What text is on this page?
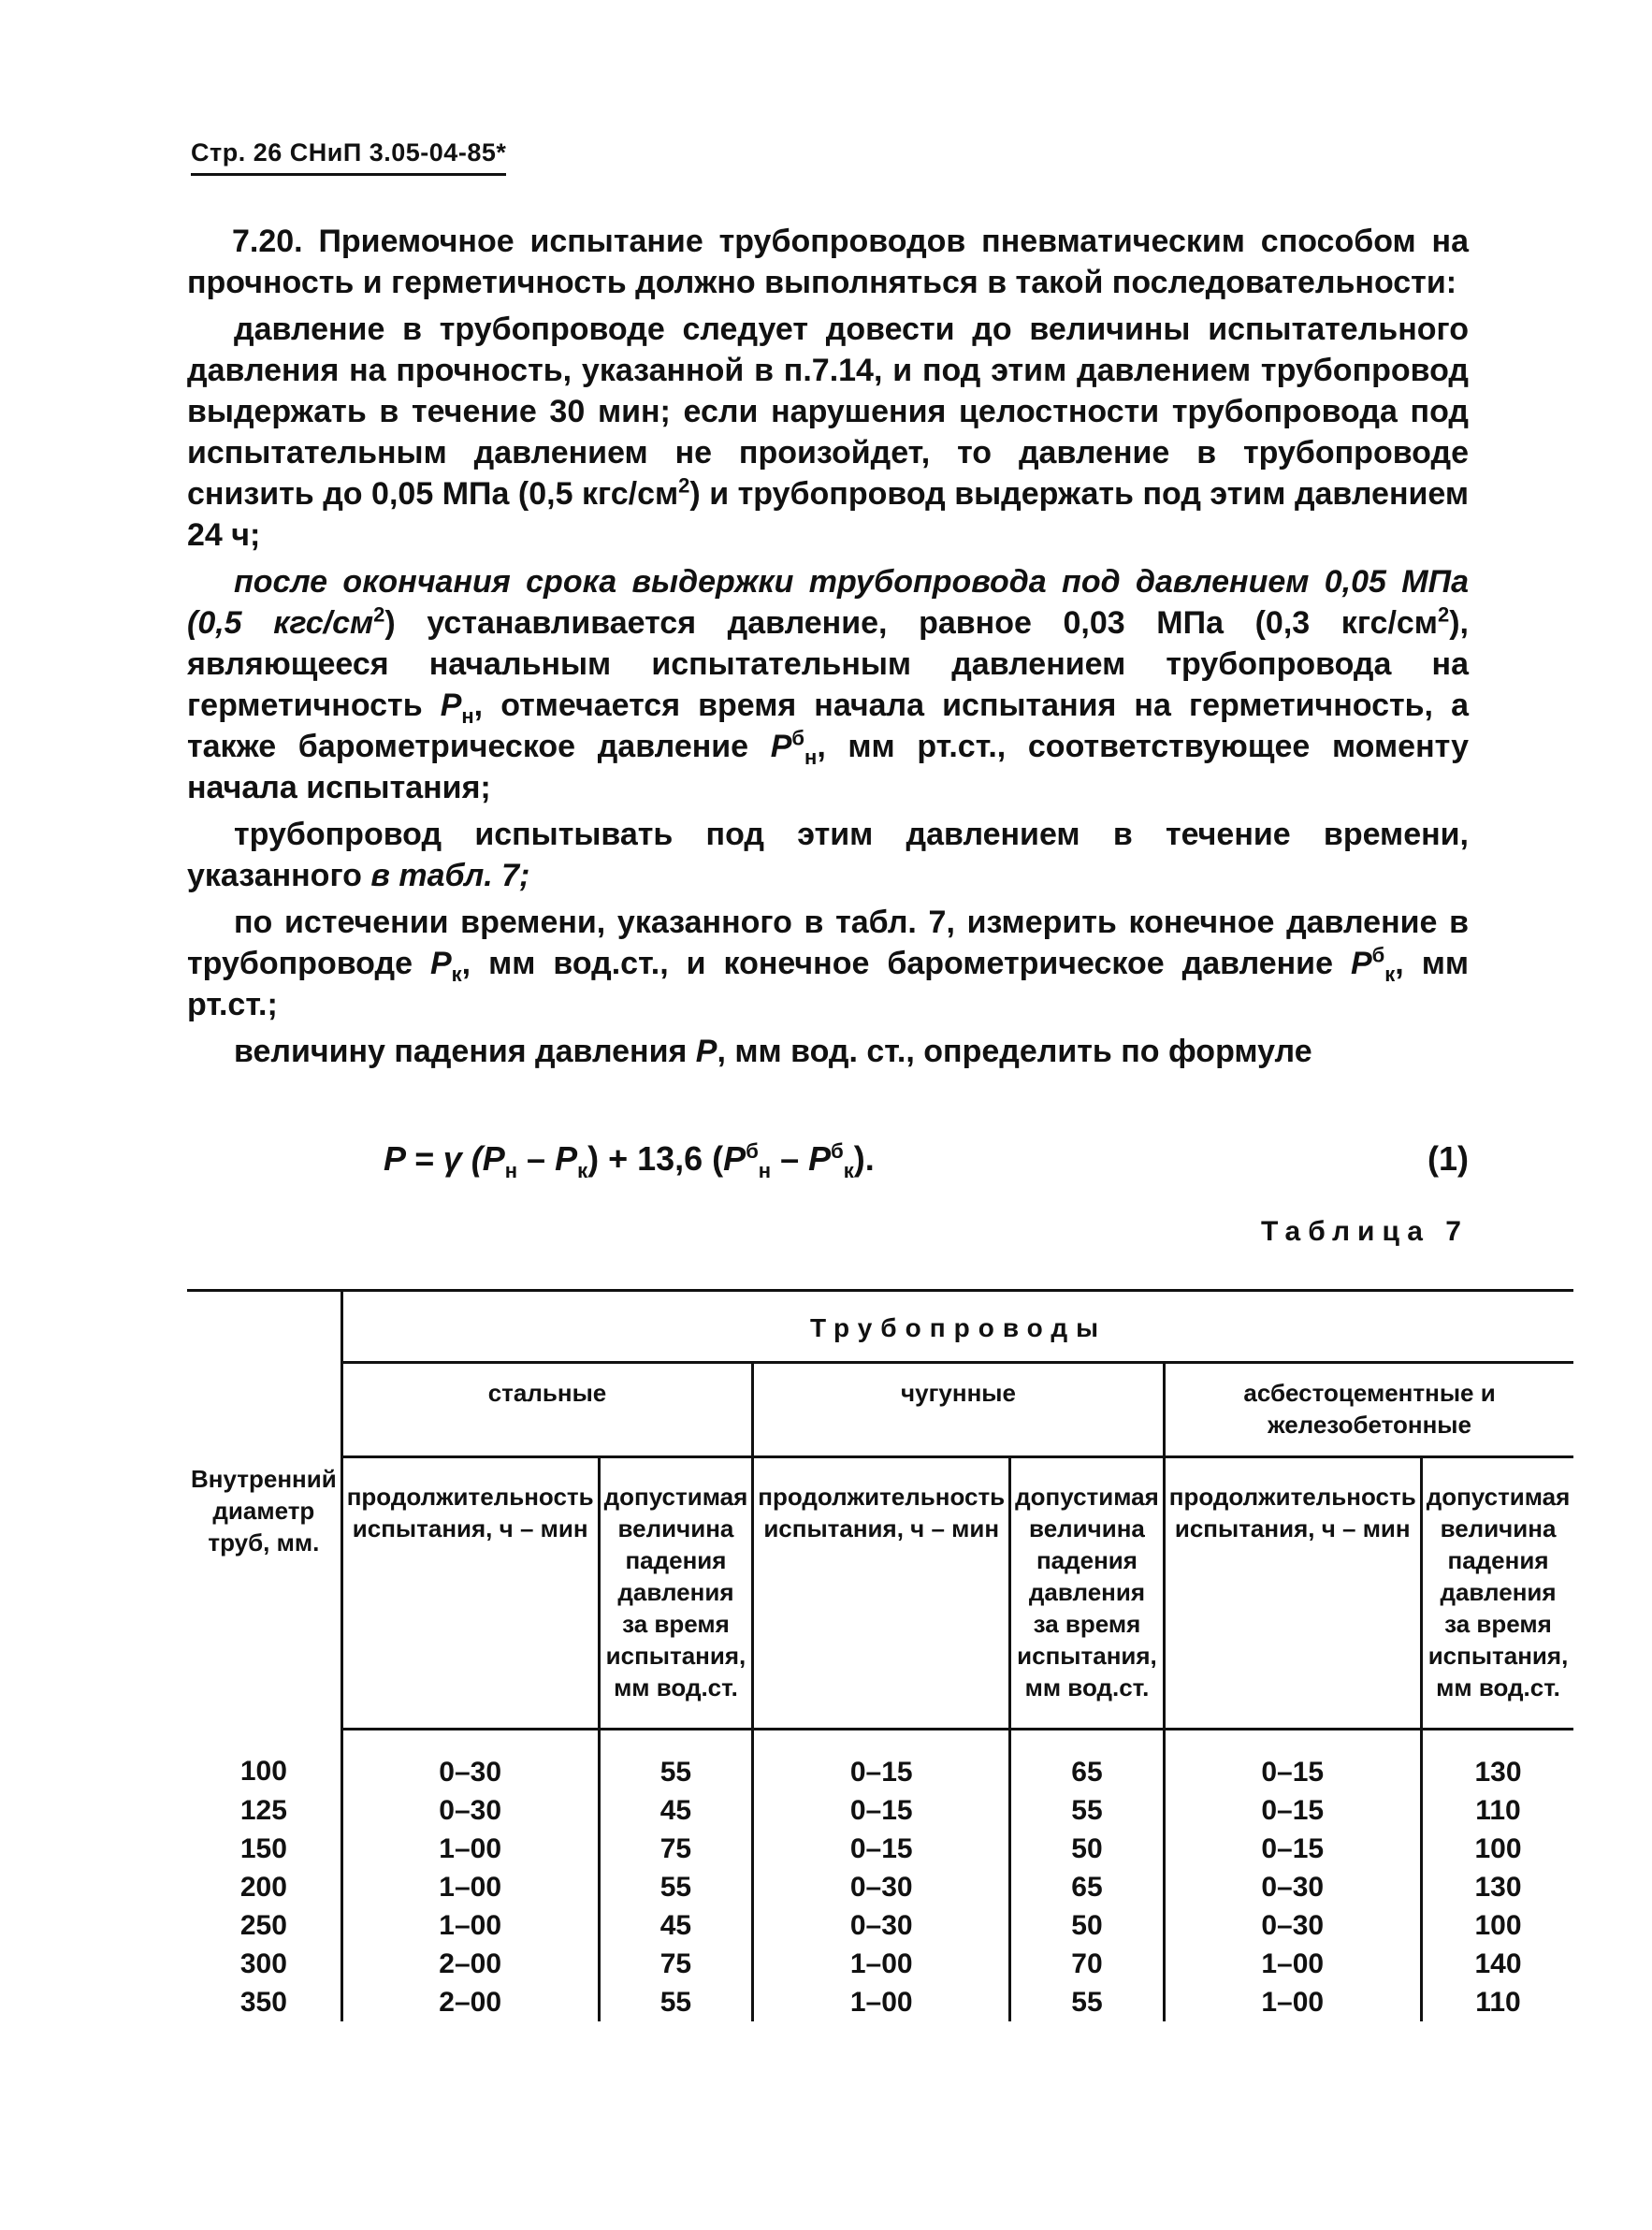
Стр. 26 СНиП 3.05-04-85*

7.20. Приемочное испытание трубопроводов пневматическим способом на прочность и герметичность должно выполняться в такой последовательности:

давление в трубопроводе следует довести до величины испытательного давления на прочность, указанной в п.7.14, и под этим давлением трубопровод выдержать в течение 30 мин; если нарушения целостности трубопровода под испытательным давлением не произойдет, то давление в трубопроводе снизить до 0,05 МПа (0,5 кгс/$см^2$) и трубопровод выдержать под этим давлением 24 ч;

после окончания срока выдержки трубопровода под давлением 0,05 МПа (0,5 кгс/$см^2$) устанавливается давление, равное 0,03 МПа (0,3 кгс/$см^2$), являющееся начальным испытательным давлением трубопровода на герметичность $P_н$, отмечается время начала испытания на герметичность, а также барометрическое давление $P^б_н$, мм рт.ст., соответствующее моменту начала испытания;

трубопровод испытывать под этим давлением в течение времени, указанного в табл. 7;

по истечении времени, указанного в табл. 7, измерить конечное давление в трубопроводе $P_к$, мм вод.ст., и конечное барометрическое давление $P^б_к$, мм рт.ст.;

величину падения давления P, мм вод. ст., определить по формуле

P = γ $(P_н - P_к) + 13,6$ $(P^б_н - P^б_к)$.	(1)
Таблица 7
Внутренний диаметр труб, мм.	Трубопроводы					
	стальные		чугунные		асбестоцементные и железобетонные	
	продолжительность испытания, ч – мин	допустимая величина падения давления за время испытания, мм вод.ст.	продолжительность испытания, ч – мин	допустимая величина падения давления за время испытания, мм вод.ст.	продолжительность испытания, ч – мин	допустимая величина падения давления за время испытания, мм вод.ст.
100	0–30	55	0–15	65	0–15	130
125	0–30	45	0–15	55	0–15	110
150	1–00	75	0–15	50	0–15	100
200	1–00	55	0–30	65	0–30	130
250	1–00	45	0–30	50	0–30	100
300	2–00	75	1–00	70	1–00	140
350	2–00	55	1–00	55	1–00	110
